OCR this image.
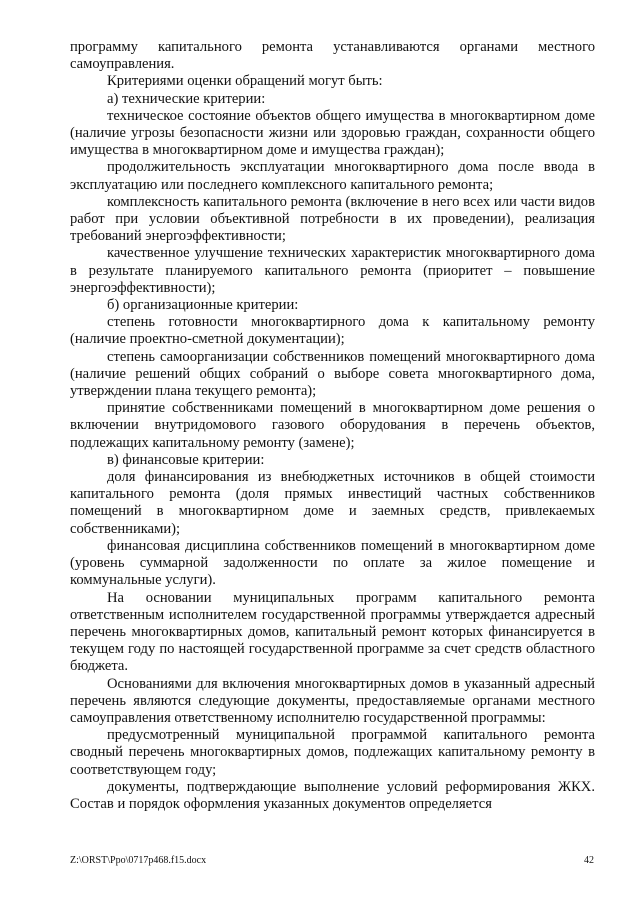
программу капитального ремонта устанавливаются органами местного самоуправления.

Критериями оценки обращений могут быть:

а) технические критерии:

техническое состояние объектов общего имущества в многоквартирном доме (наличие угрозы безопасности жизни или здоровью граждан, сохранности общего имущества в многоквартирном доме и имущества граждан);

продолжительность эксплуатации многоквартирного дома после ввода в эксплуатацию или последнего комплексного капитального ремонта;

комплексность капитального ремонта (включение в него всех или части видов работ при условии объективной потребности в их проведении), реализация требований энергоэффективности;

качественное улучшение технических характеристик многоквартирного дома в результате планируемого капитального ремонта (приоритет – повышение энергоэффективности);

б) организационные критерии:

степень готовности многоквартирного дома к капитальному ремонту (наличие проектно-сметной документации);

степень самоорганизации собственников помещений многоквартирного дома (наличие решений общих собраний о выборе совета многоквартирного дома, утверждении плана текущего ремонта);

принятие собственниками помещений в многоквартирном доме решения о включении внутридомового газового оборудования в перечень объектов, подлежащих капитальному ремонту (замене);

в) финансовые критерии:

доля финансирования из внебюджетных источников в общей стоимости капитального ремонта (доля прямых инвестиций частных собственников помещений в многоквартирном доме и заемных средств, привлекаемых собственниками);

финансовая дисциплина собственников помещений в многоквартирном доме (уровень суммарной задолженности по оплате за жилое помещение и коммунальные услуги).

На основании муниципальных программ капитального ремонта ответственным исполнителем государственной программы утверждается адресный перечень многоквартирных домов, капитальный ремонт которых финансируется в текущем году по настоящей государственной программе за счет средств областного бюджета.

Основаниями для включения многоквартирных домов в указанный адресный перечень являются следующие документы, предоставляемые органами местного самоуправления ответственному исполнителю государственной программы:

предусмотренный муниципальной программой капитального ремонта сводный перечень многоквартирных домов, подлежащих капитальному ремонту в соответствующем году;

документы, подтверждающие выполнение условий реформирования ЖКХ. Состав и порядок оформления указанных документов определяется

Z:\ORST\Ppo\0717p468.f15.docx	42
